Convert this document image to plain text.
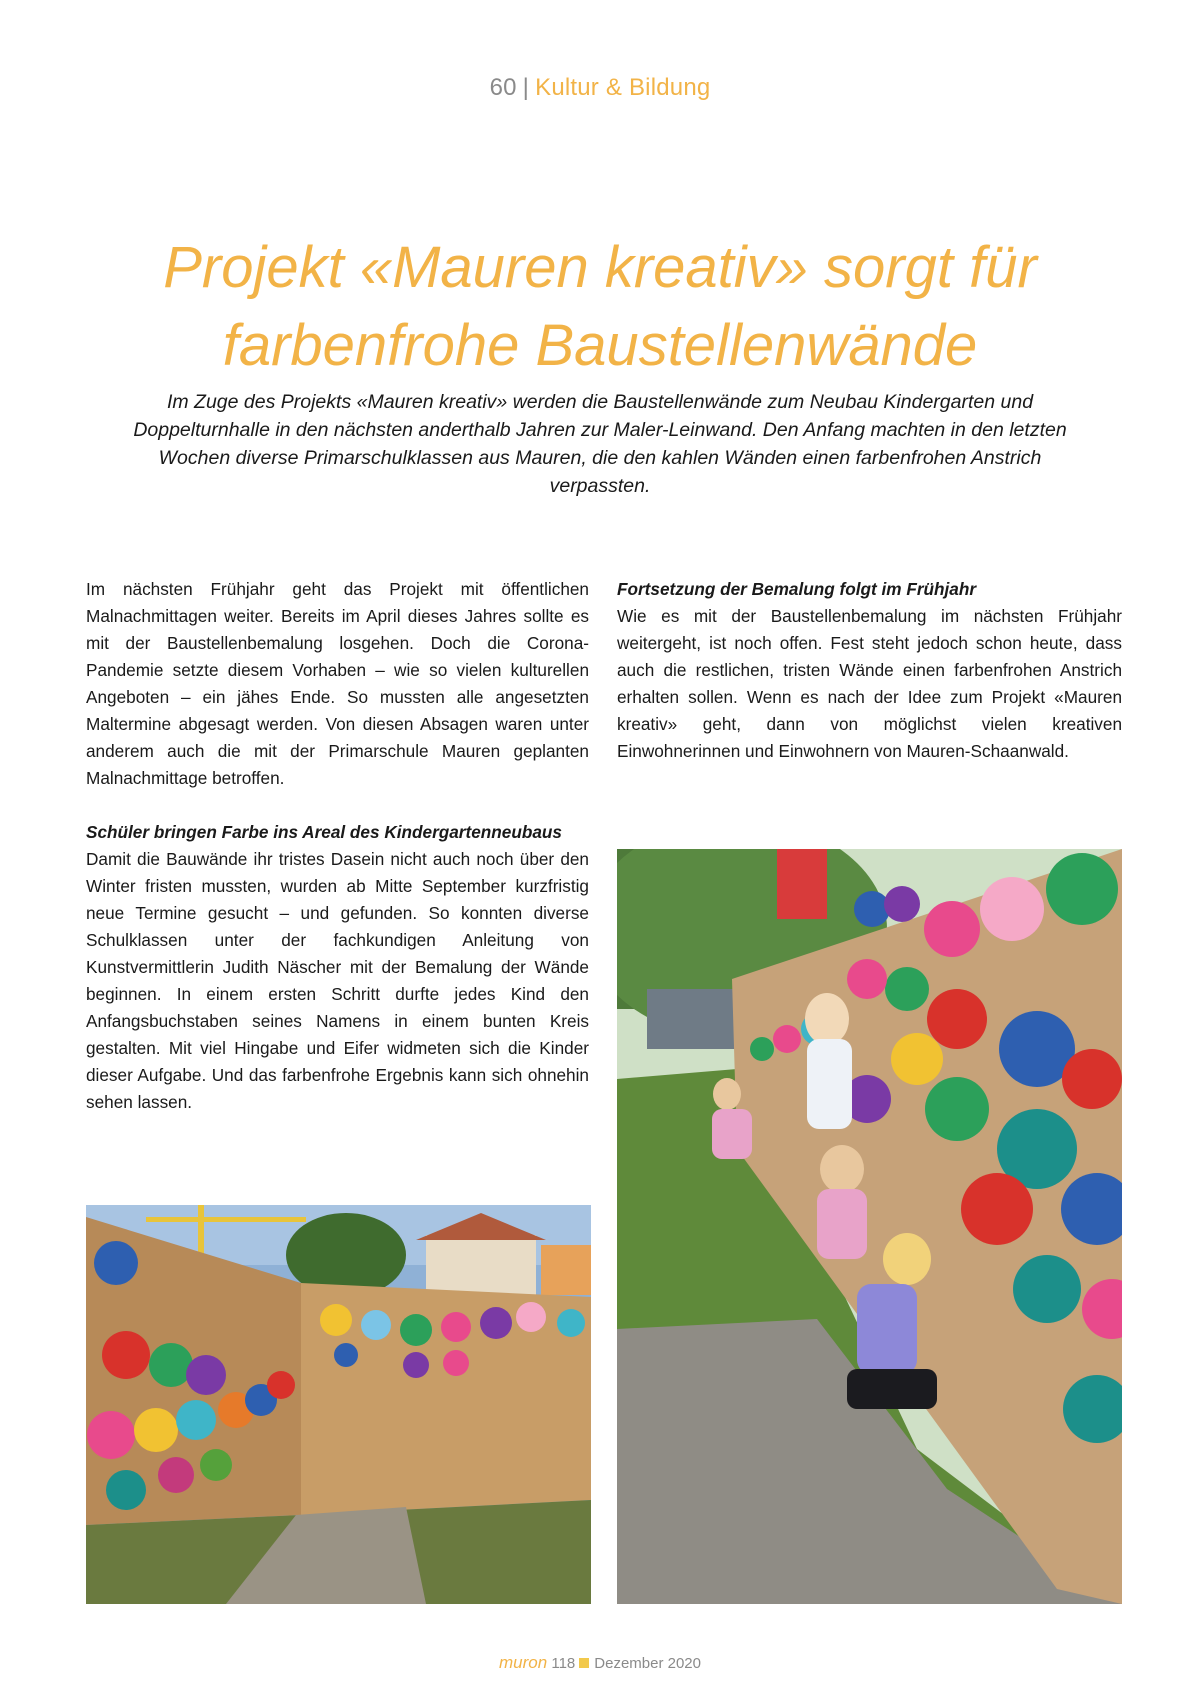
60 | Kultur & Bildung
Projekt «Mauren kreativ» sorgt für
farbenfrohe Baustellenwände
Im Zuge des Projekts «Mauren kreativ» werden die Baustellenwände zum Neubau Kindergarten und Doppelturnhalle in den nächsten anderthalb Jahren zur Maler-Leinwand. Den Anfang machten in den letzten Wochen diverse Primarschulklassen aus Mauren, die den kahlen Wänden einen farbenfrohen Anstrich verpassten.

Im nächsten Frühjahr geht das Projekt mit öffentlichen Malnachmittagen weiter. Bereits im April dieses Jahres sollte es mit der Baustellenbemalung losgehen. Doch die Corona-Pandemie setzte diesem Vorhaben – wie so vielen kulturellen Angeboten – ein jähes Ende. So mussten alle angesetzten Maltermine abgesagt werden. Von diesen Absagen waren unter anderem auch die mit der Primarschule Mauren geplanten Malnachmittage betroffen.

Schüler bringen Farbe ins Areal des Kindergartenneubaus

Damit die Bauwände ihr tristes Dasein nicht auch noch über den Winter fristen mussten, wurden ab Mitte September kurzfristig neue Termine gesucht – und gefunden. So konnten diverse Schulklassen unter der fachkundigen Anleitung von Kunstvermittlerin Judith Näscher mit der Bemalung der Wände beginnen. In einem ersten Schritt durfte jedes Kind den Anfangsbuchstaben seines Namens in einem bunten Kreis gestalten. Mit viel Hingabe und Eifer widmeten sich die Kinder dieser Aufgabe. Und das farbenfrohe Ergebnis kann sich ohnehin sehen lassen.

Fortsetzung der Bemalung folgt im Frühjahr

Wie es mit der Baustellenbemalung im nächsten Frühjahr weitergeht, ist noch offen. Fest steht jedoch schon heute, dass auch die restlichen, tristen Wände einen farbenfrohen Anstrich erhalten sollen. Wenn es nach der Idee zum Projekt «Mauren kreativ» geht, dann von möglichst vielen kreativen Einwohnerinnen und Einwohnern von Mauren-Schaanwald.

muron 118 Dezember 2020
